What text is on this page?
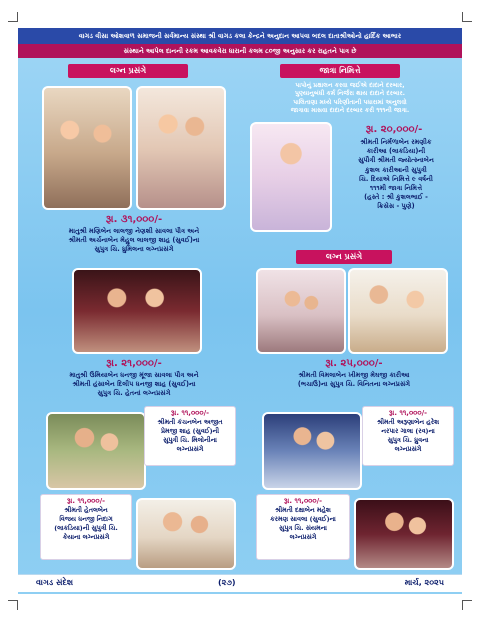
વાગડ વીસા ઓશવાળ સમાજની સર્વમાન્ય સંસ્થા શ્રી વાગડ કલા કેન્દ્રને અનુદાન આપવા બદલ દાતાશ્રીઓનો હાર્દિક આભાર
સંસ્થાને આપેલ દાનની રકમ આવકવેરા ધારાની કલમ ૮૦જી અનુસાર કર રાહતને પાત્ર છે
લગ્ન પ્રસંગે
રૂા. ૩૧,૦૦૦/-
માતુશ્રી મણિબેન લાલજી નેણશી સાવલા પૌત્ર અને
શ્રીમતી અર્ચનાબેન મેહુલ લાલજી શાહ (સુવઈ)ના
સુપુત્ર ચિ. ધ્રુમિલના લગ્નપ્રસંગે
જાત્રા નિમિત્તે
પાપોનું પ્રક્ષાલન કરવા જઈએ દાદાને દરબાર,
પુણ્યાનુબંધી કર્મ નિર્જરા થાય દાદાને દરબાર.
પાલિતાણા મધ્યે પરિણીતાની પધારામાં અનુલવો
જાત્રાવા માસવા દાદાને દરબાર કરી ૧૧૧ની જાત્રા.
રૂા. ૨૦,૦૦૦/-
શ્રીમતી નિર્મળાબેન રમણીક
કારીઆ (લાકડિયા)ની
સુપૌત્રી શ્રીમતી જ્યોત્સ્નાબેન
કુશલ કારીઆની સુપુત્રી
ચિ. દિયાએ નિમિત્તે ૯ વર્ષની
૧૧૧મી જાત્રા નિમિત્તે
(હસ્તે : શ્રી કુશલભાઈ -
ક્રિસેસ - પુણે)
રૂા. ૨૧,૦૦૦/-
માતુશ્રી ઉમિયાબેન ધનજી મૂંજા સાવલા પૌત્ર અને
શ્રીમતી હંસાબેન દિલીપ ધનજી શાહ (સુવઈ)ના
સુપુત્ર ચિ. હેતનાં લગ્નપ્રસંગે
લગ્ન પ્રસંગે
રૂા. ૨૫,૦૦૦/-
શ્રીમતી વિમલાબેન ખીમજી મેઘજી કારીઆ
(ભચાઉ)ના સુપુત્ર ચિ. વિનિતના લગ્નપ્રસંગે
રૂા. ૧૧,૦૦૦/-
શ્રીમતી કંચનબેન અજીત
પ્રેમજી શાહ (સુવઈ)ની
સુપુત્રી ચિ. મિલોનીના
લગ્નપ્રસંગે
રૂા. ૧૧,૦૦૦/-
શ્રીમતી અરૂણાબેન હરેશ
નરપાર ગાલા (રવ)ના
સુપુત્ર ચિ. ધ્રુવના
લગ્નપ્રસંગે
રૂા. ૧૧,૦૦૦/-
શ્રીમતી હેતલબેન
વિજય ધનજી નિદાગ
(લાકડિયા)ની સુપુત્રી ચિ.
કેયાના લગ્નપ્રસંગે
રૂા. ૧૧,૦૦૦/-
શ્રીમતી દક્ષાબેન મહેશ
કરમણ સાવલા (સુવઈ)ના
સુપુત્ર ચિ. સંયમના
લગ્નપ્રસંગે
વાગડ સંદેશ	(૨૭)	માર્ચ, ૨૦૨૫
